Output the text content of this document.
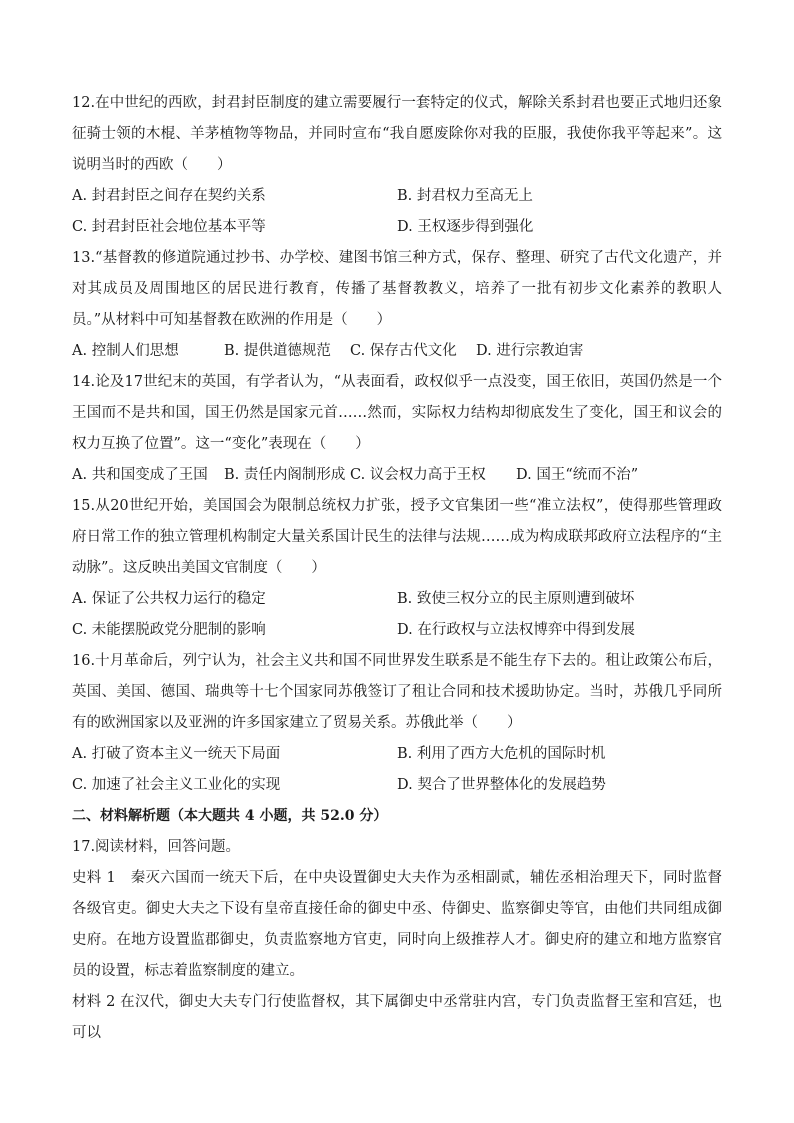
12.在中世纪的西欧，封君封臣制度的建立需要履行一套特定的仪式，解除关系封君也要正式地归还象征骑士领的木棍、羊茅植物等物品，并同时宣布“我自愿废除你对我的臣服，我使你我平等起来”。这说明当时的西欧（　　）

A. 封君封臣之间存在契约关系	B. 封君权力至高无上
C. 封君封臣社会地位基本平等	D. 王权逐步得到强化

13.“基督教的修道院通过抄书、办学校、建图书馆三种方式，保存、整理、研究了古代文化遗产，并对其成员及周围地区的居民进行教育，传播了基督教教义，培养了一批有初步文化素养的教职人员。”从材料中可知基督教在欧洲的作用是（　　）

A. 控制人们思想	B. 提供道德规范	C. 保存古代文化	D. 进行宗教迫害

14.论及17世纪末的英国，有学者认为，“从表面看，政权似乎一点没变，国王依旧，英国仍然是一个王国而不是共和国，国王仍然是国家元首……然而，实际权力结构却彻底发生了变化，国王和议会的权力互换了位置”。这一“变化”表现在（　　）

A. 共和国变成了王国	B. 责任内阁制形成 C. 议会权力高于王权	D. 国王“统而不治”

15.从20世纪开始，美国国会为限制总统权力扩张，授予文官集团一些“准立法权”，使得那些管理政府日常工作的独立管理机构制定大量关系国计民生的法律与法规……成为构成联邦政府立法程序的“主动脉”。这反映出美国文官制度（　　）

A. 保证了公共权力运行的稳定	B. 致使三权分立的民主原则遭到破坏
C. 未能摆脱政党分肥制的影响	D. 在行政权与立法权博弈中得到发展

16.十月革命后，列宁认为，社会主义共和国不同世界发生联系是不能生存下去的。租让政策公布后，英国、美国、德国、瑞典等十七个国家同苏俄签订了租让合同和技术援助协定。当时，苏俄几乎同所有的欧洲国家以及亚洲的许多国家建立了贸易关系。苏俄此举（　　）

A. 打破了资本主义一统天下局面	B. 利用了西方大危机的国际时机
C. 加速了社会主义工业化的实现	D. 契合了世界整体化的发展趋势

二、材料解析题（本大题共 4 小题，共 52.0 分）

17.阅读材料，回答问题。

史料 1　秦灭六国而一统天下后，在中央设置御史大夫作为丞相副贰，辅佐丞相治理天下，同时监督各级官吏。御史大夫之下设有皇帝直接任命的御史中丞、侍御史、监察御史等官，由他们共同组成御史府。在地方设置监郡御史，负责监察地方官吏，同时向上级推荐人才。御史府的建立和地方监察官员的设置，标志着监察制度的建立。

材料 2 在汉代，御史大夫专门行使监督权，其下属御史中丞常驻内宫，专门负责监督王室和宫廷，也可以
